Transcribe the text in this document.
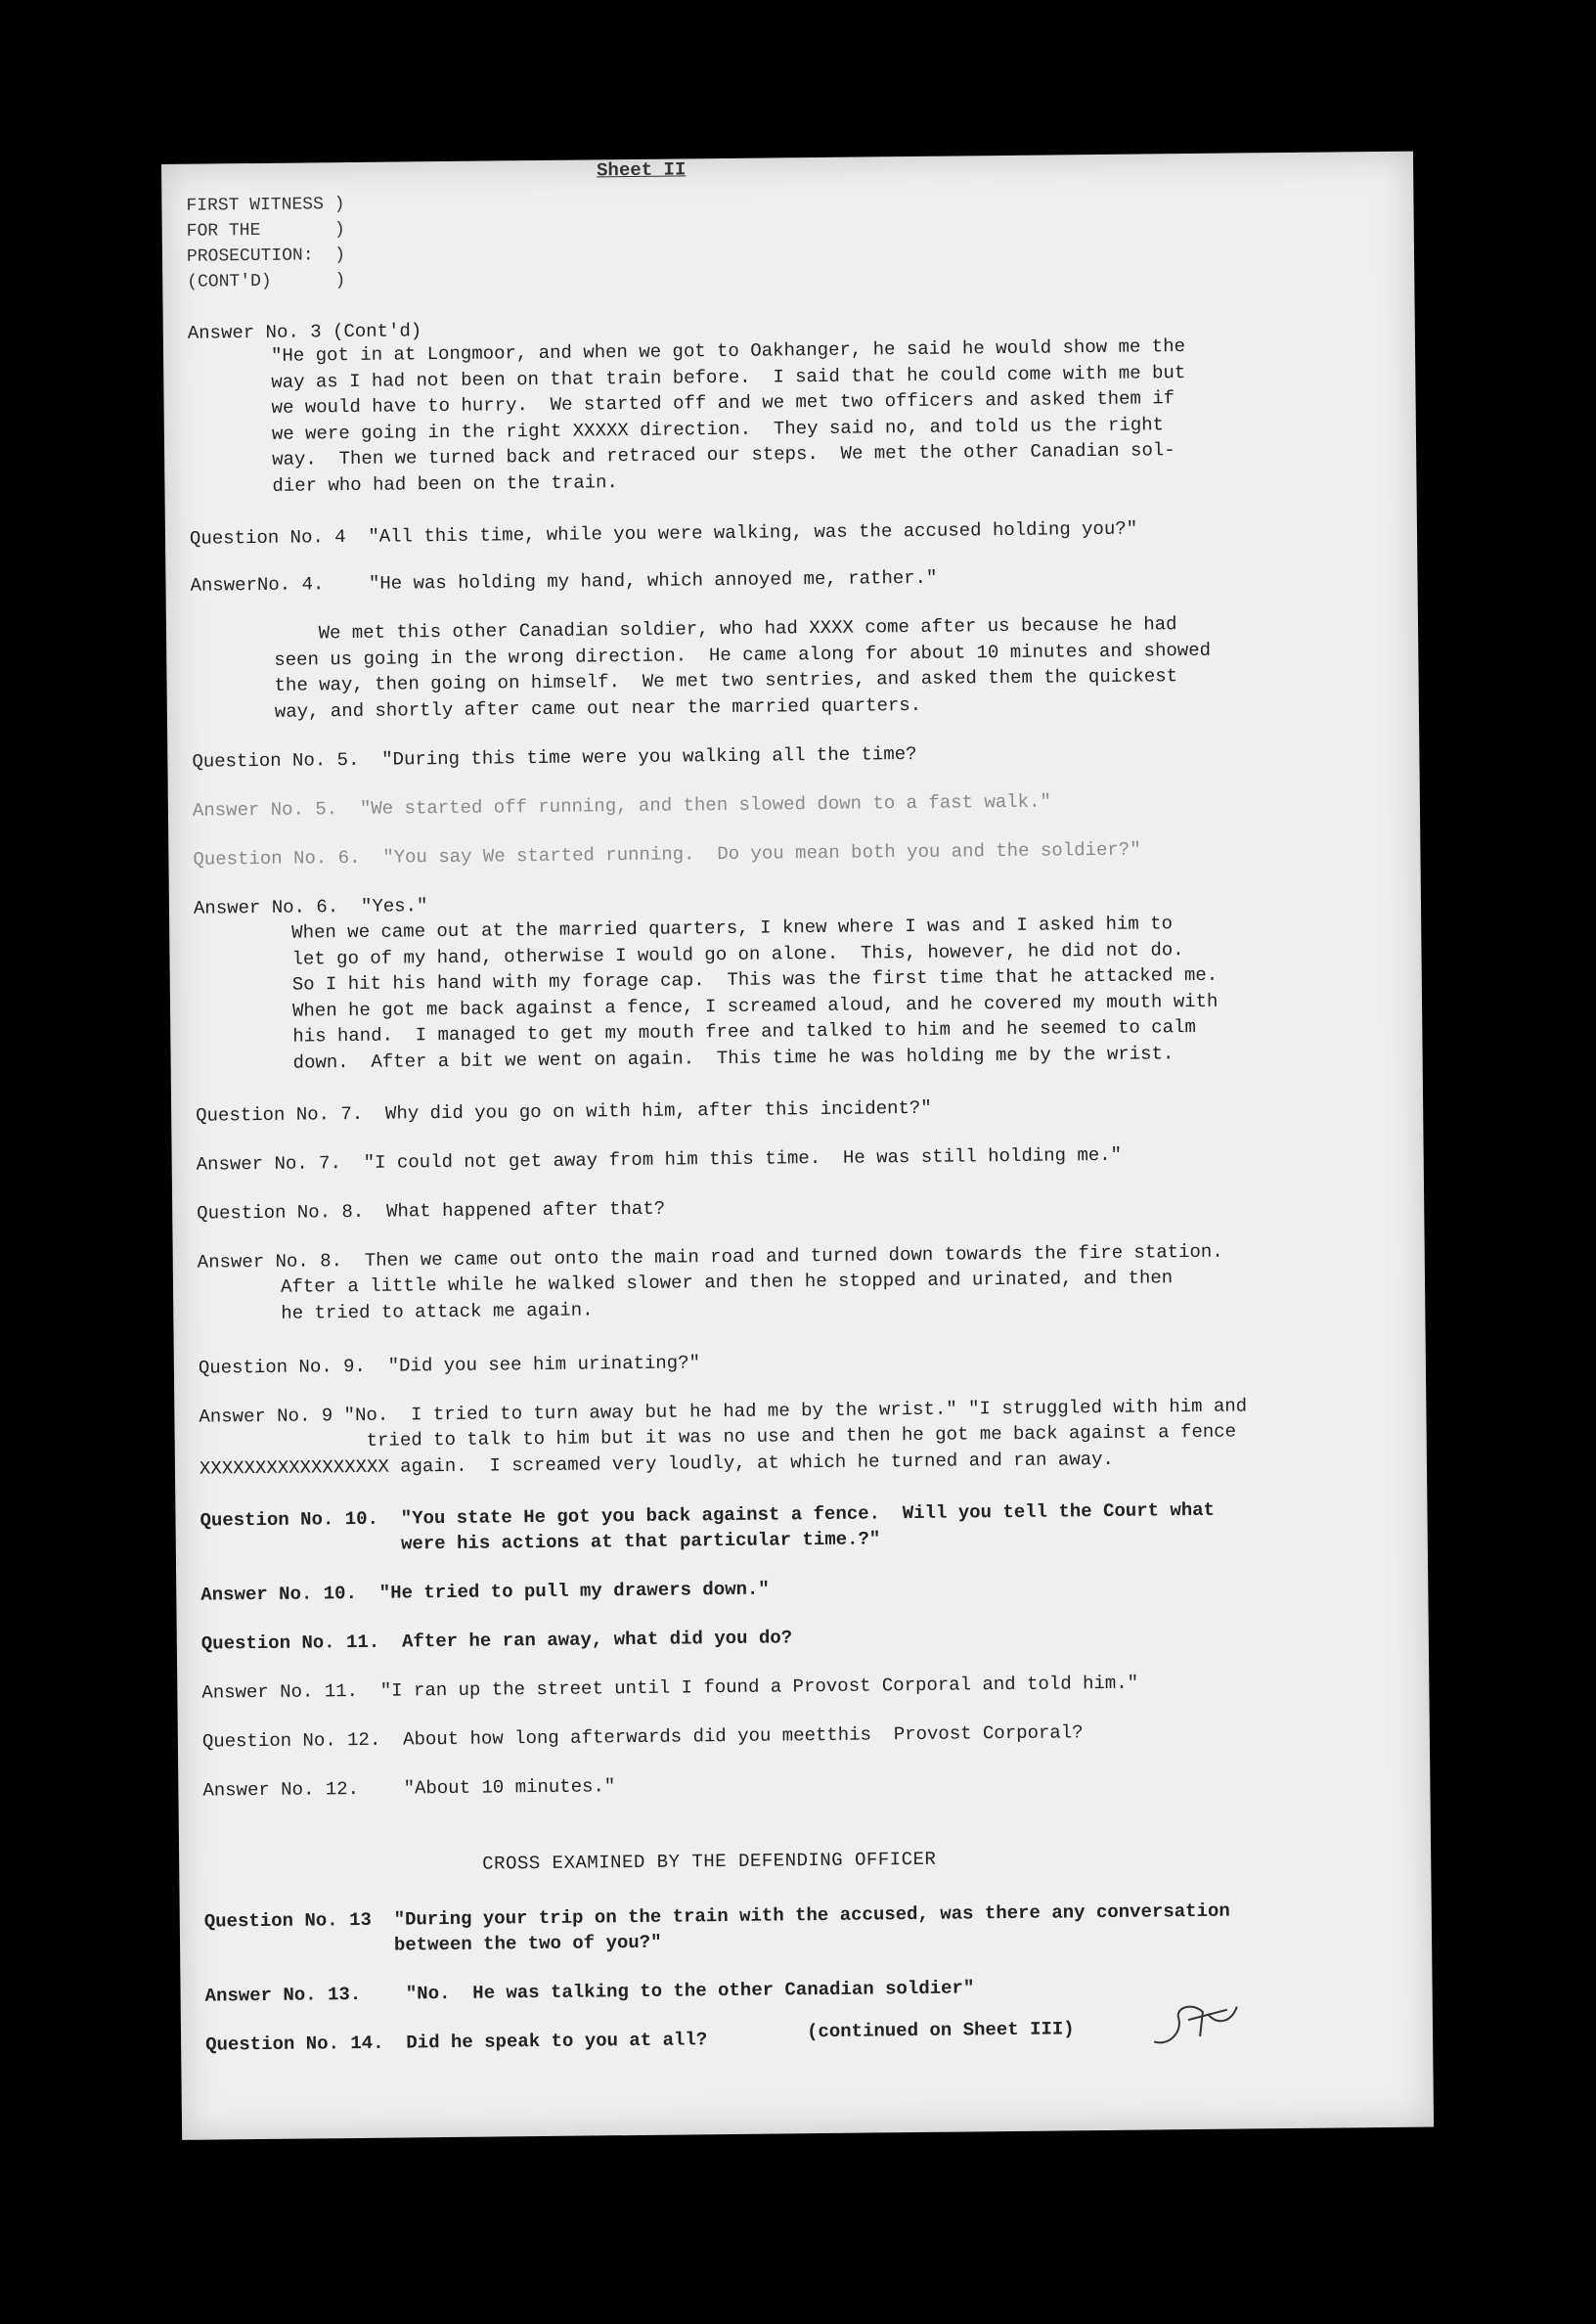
Sheet II
FIRST WITNESS )
FOR THE       )
PROSECUTION:  )
(CONT'D)      )
Answer No. 3 (Cont'd)
"He got in at Longmoor, and when we got to Oakhanger, he said he would show me the
way as I had not been on that train before.  I said that he could come with me but
we would have to hurry.  We started off and we met two officers and asked them if
we were going in the right XXXXX direction.  They said no, and told us the right
way.  Then we turned back and retraced our steps.  We met the other Canadian sol-
dier who had been on the train.
Question No. 4  "All this time, while you were walking, was the accused holding you?"
AnswerNo. 4.    "He was holding my hand, which annoyed me, rather."
We met this other Canadian soldier, who had XXXX come after us because he had
seen us going in the wrong direction.  He came along for about 10 minutes and showed
the way, then going on himself.  We met two sentries, and asked them the quickest
way, and shortly after came out near the married quarters.
Question No. 5.  "During this time were you walking all the time?
Answer No. 5.  "We started off running, and then slowed down to a fast walk."
Question No. 6.  "You say We started running.  Do you mean both you and the soldier?"
Answer No. 6.  "Yes."
When we came out at the married quarters, I knew where I was and I asked him to
let go of my hand, otherwise I would go on alone.  This, however, he did not do.
So I hit his hand with my forage cap.  This was the first time that he attacked me.
When he got me back against a fence, I screamed aloud, and he covered my mouth with
his hand.  I managed to get my mouth free and talked to him and he seemed to calm
down.  After a bit we went on again.  This time he was holding me by the wrist.
Question No. 7.  Why did you go on with him, after this incident?"
Answer No. 7.  "I could not get away from him this time.  He was still holding me."
Question No. 8.  What happened after that?
Answer No. 8.  Then we came out onto the main road and turned down towards the fire station.
After a little while he walked slower and then he stopped and urinated, and then
he tried to attack me again.
Question No. 9.  "Did you see him urinating?"
Answer No. 9 "No.  I tried to turn away but he had me by the wrist." "I struggled with him and
tried to talk to him but it was no use and then he got me back against a fence
XXXXXXXXXXXXXXXXX again.  I screamed very loudly, at which he turned and ran away.
Question No. 10.  "You state He got you back against a fence.  Will you tell the Court what
were his actions at that particular time.?"
Answer No. 10.  "He tried to pull my drawers down."
Question No. 11.  After he ran away, what did you do?
Answer No. 11.  "I ran up the street until I found a Provost Corporal and told him."
Question No. 12.  About how long afterwards did you meetthis  Provost Corporal?
Answer No. 12.    "About 10 minutes."
CROSS EXAMINED BY THE DEFENDING OFFICER
Question No. 13  "During your trip on the train with the accused, was there any conversation
between the two of you?"
Answer No. 13.    "No.  He was talking to the other Canadian soldier"
Question No. 14.  Did he speak to you at all?	(continued on Sheet III)
